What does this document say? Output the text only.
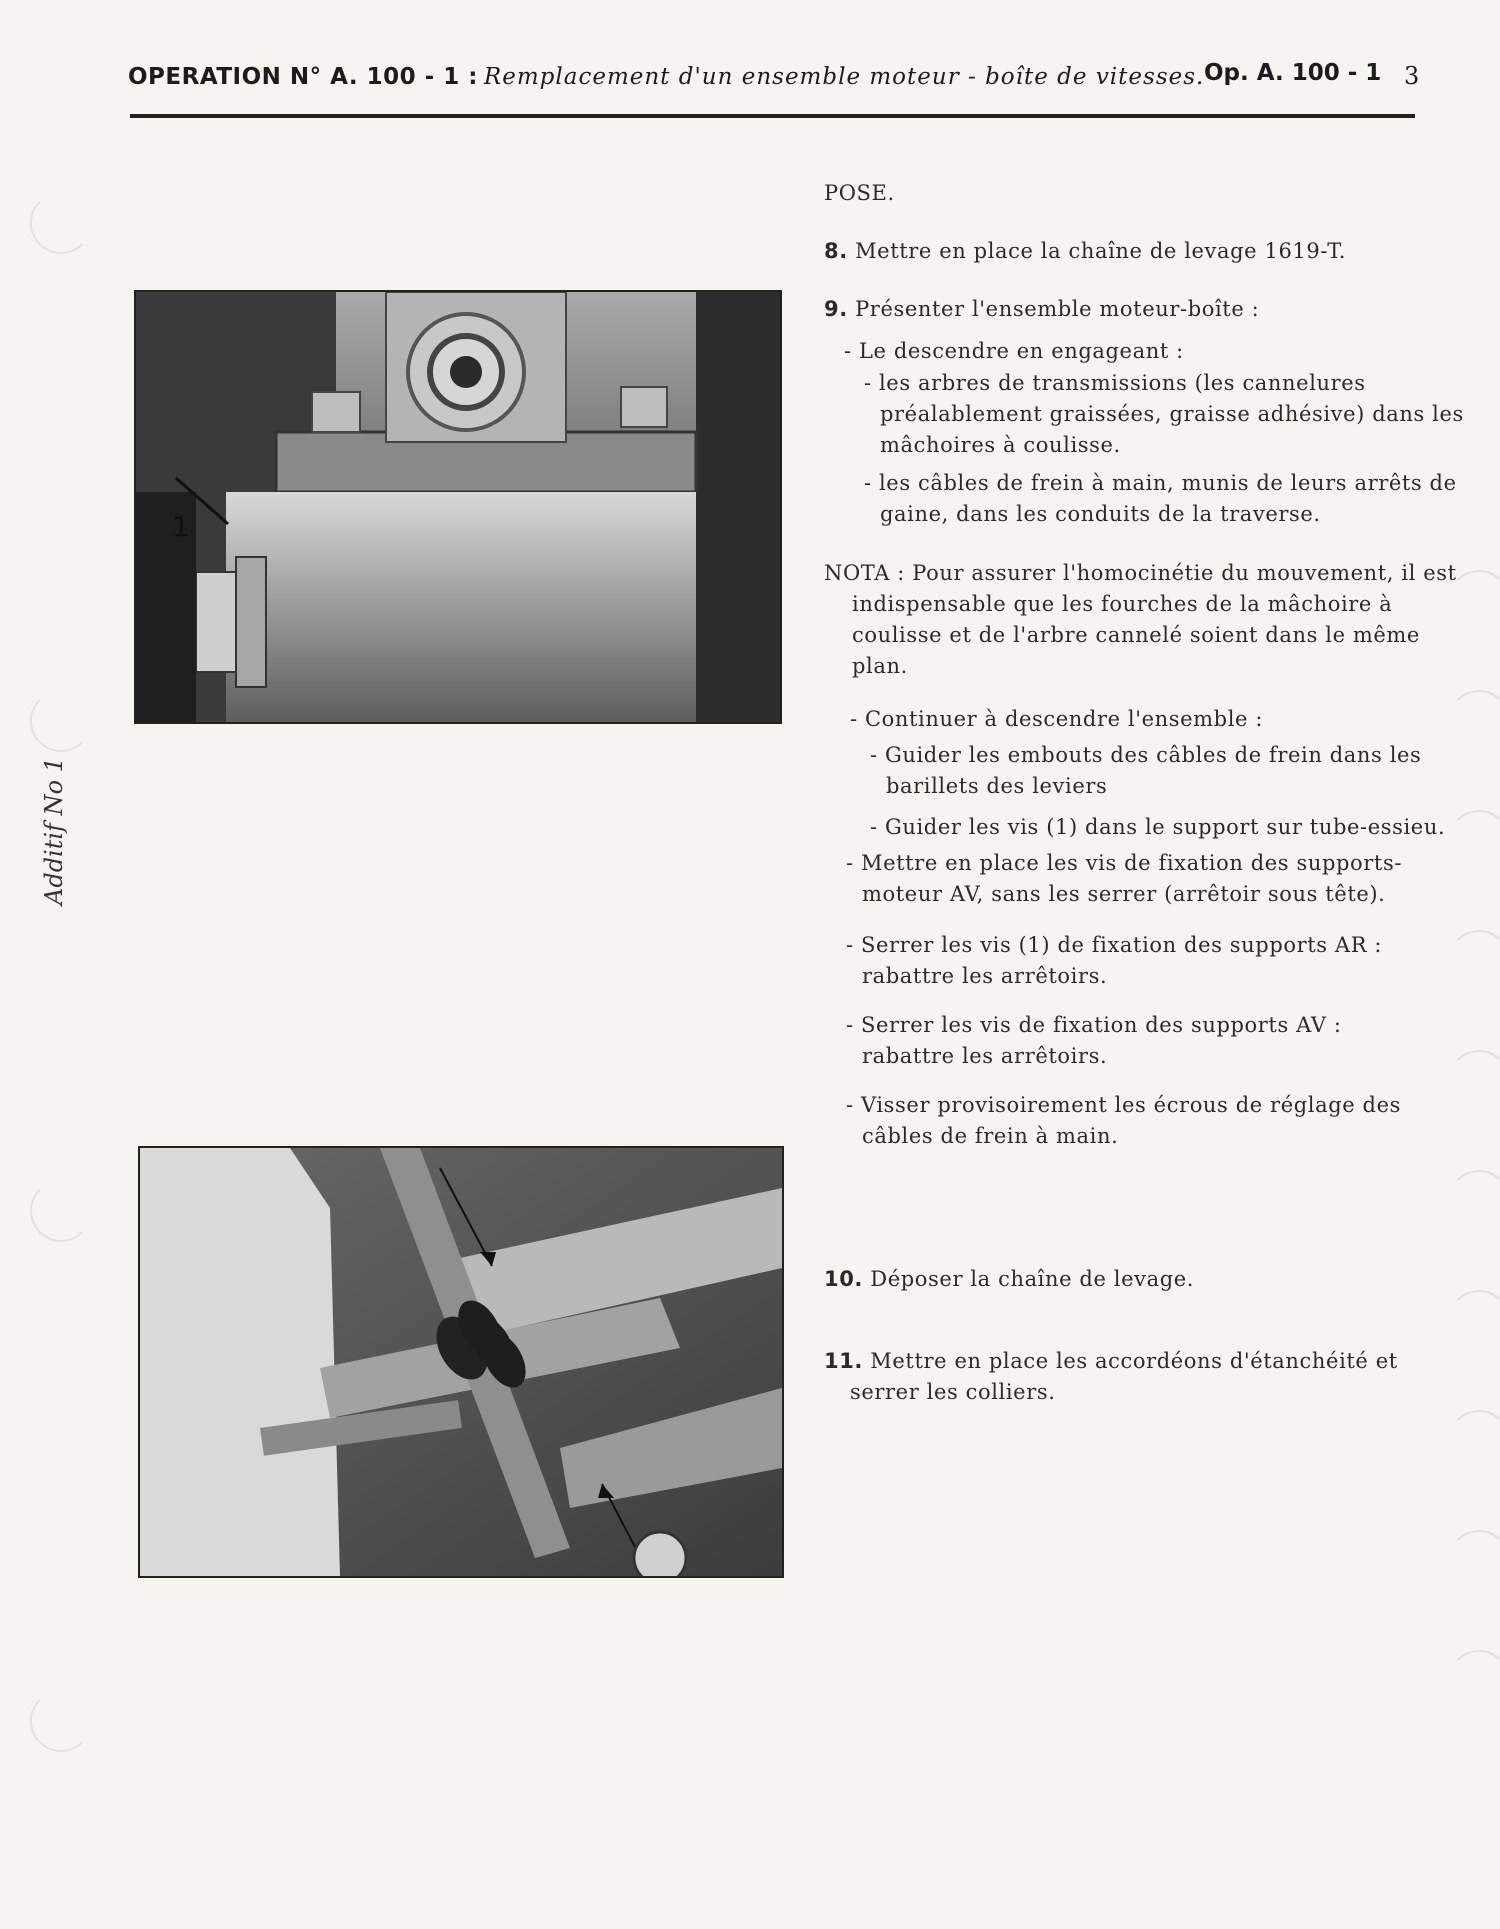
OPERATION N° A. 100 - 1 : Remplacement d'un ensemble moteur - boîte de vitesses. Op. A. 100 - 1 3
Additif No 1
1
POSE.
8. Mettre en place la chaîne de levage 1619-T.
9. Présenter l'ensemble moteur-boîte :
- Le descendre en engageant :
- les arbres de transmissions (les cannelures préalablement graissées, graisse adhésive) dans les mâchoires à coulisse.
- les câbles de frein à main, munis de leurs arrêts de gaine, dans les conduits de la traverse.
NOTA : Pour assurer l'homocinétie du mouvement, il est indispensable que les fourches de la mâchoire à coulisse et de l'arbre cannelé soient dans le même plan.
- Continuer à descendre l'ensemble :
- Guider les embouts des câbles de frein dans les barillets des leviers
- Guider les vis (1) dans le support sur tube-essieu.
- Mettre en place les vis de fixation des supports-moteur AV, sans les serrer (arrêtoir sous tête).
- Serrer les vis (1) de fixation des supports AR : rabattre les arrêtoirs.
- Serrer les vis de fixation des supports AV : rabattre les arrêtoirs.
- Visser provisoirement les écrous de réglage des câbles de frein à main.
10. Déposer la chaîne de levage.
11. Mettre en place les accordéons d'étanchéité et serrer les colliers.
